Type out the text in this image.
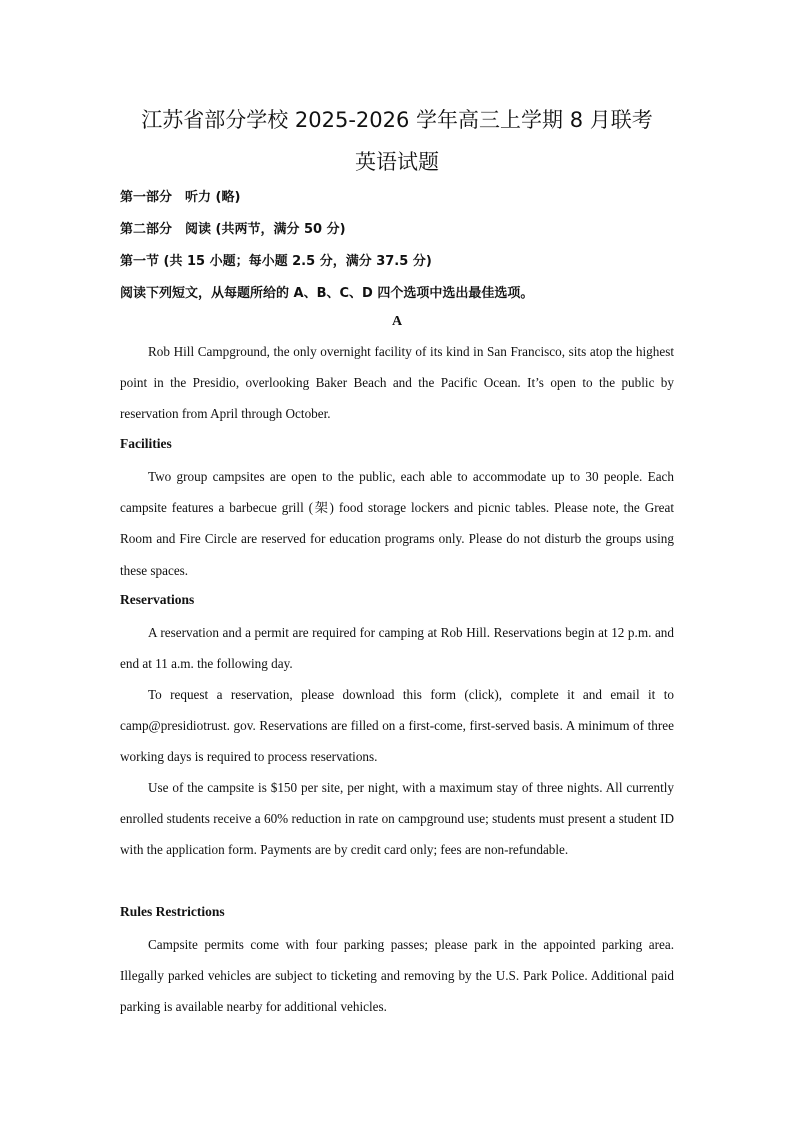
江苏省部分学校 2025-2026 学年高三上学期 8 月联考
英语试题
第一部分　听力 (略)
第二部分　阅读 (共两节，满分 50 分)
第一节 (共 15 小题；每小题 2.5 分，满分 37.5 分)
阅读下列短文，从每题所给的 A、B、C、D 四个选项中选出最佳选项。
A

Rob Hill Campground, the only overnight facility of its kind in San Francisco, sits atop the highest point in the Presidio, overlooking Baker Beach and the Pacific Ocean. It’s open to the public by reservation from April through October.

Facilities

Two group campsites are open to the public, each able to accommodate up to 30 people. Each campsite features a barbecue grill (架) food storage lockers and picnic tables. Please note, the Great Room and Fire Circle are reserved for education programs only. Please do not disturb the groups using these spaces.

Reservations

A reservation and a permit are required for camping at Rob Hill. Reservations begin at 12 p.m. and end at 11 a.m. the following day.

To request a reservation, please download this form (click), complete it and email it to camp@presidiotrust. gov. Reservations are filled on a first-come, first-served basis. A minimum of three working days is required to process reservations.

Use of the campsite is $150 per site, per night, with a maximum stay of three nights. All currently enrolled students receive a 60% reduction in rate on campground use; students must present a student ID with the application form. Payments are by credit card only; fees are non-refundable.

Rules Restrictions

Campsite permits come with four parking passes; please park in the appointed parking area. Illegally parked vehicles are subject to ticketing and removing by the U.S. Park Police. Additional paid parking is available nearby for additional vehicles.
